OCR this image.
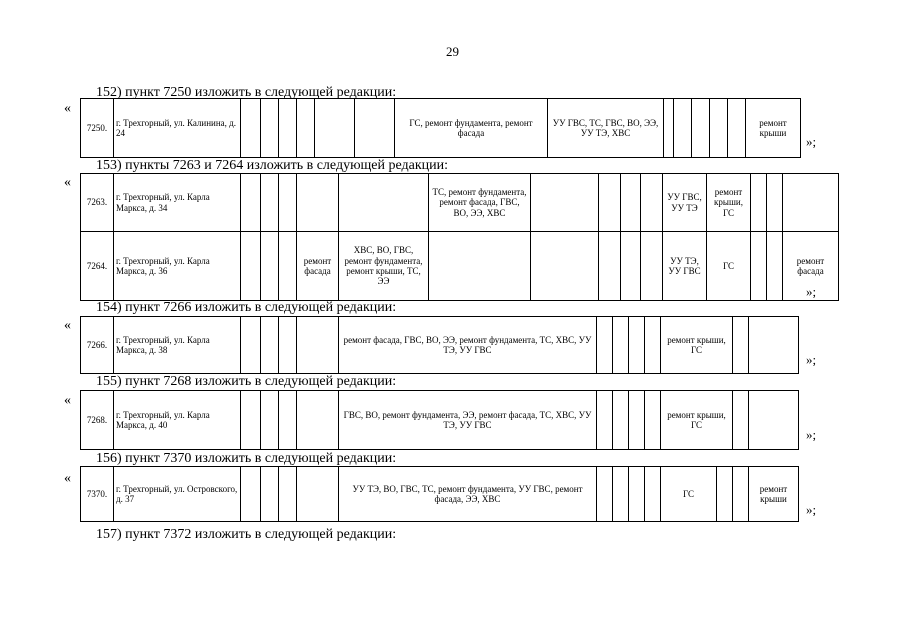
29
152) пункт 7250 изложить в следующей редакции:
«
7250.	г. Трехгорный, ул. Калинина, д. 24							ГС, ремонт фундамента, ремонт фасада	УУ ГВС, ТС, ГВС, ВО, ЭЭ, УУ ТЭ, ХВС						ремонт крыши
»;
153) пункты 7263 и 7264 изложить в следующей редакции:
«
7263.	г. Трехгорный, ул. Карла Маркса, д. 34						ТС, ремонт фундамента, ремонт фасада, ГВС, ВО, ЭЭ, ХВС					УУ ГВС, УУ ТЭ	ремонт крыши, ГС			
7264.	г. Трехгорный, ул. Карла Маркса, д. 36				ремонт фасада	ХВС, ВО, ГВС, ремонт фундамента, ремонт крыши, ТС, ЭЭ						УУ ТЭ, УУ ГВС	ГС			ремонт фасада
»;
154) пункт 7266 изложить в следующей редакции:
«
7266.	г. Трехгорный, ул. Карла Маркса, д. 38					ремонт фасада, ГВС, ВО, ЭЭ, ремонт фундамента, ТС, ХВС, УУ ТЭ, УУ ГВС					ремонт крыши, ГС		
»;
155) пункт 7268 изложить в следующей редакции:
«
7268.	г. Трехгорный, ул. Карла Маркса, д. 40					ГВС, ВО, ремонт фундамента, ЭЭ, ремонт фасада, ТС, ХВС, УУ ТЭ, УУ ГВС					ремонт крыши, ГС		
»;
156) пункт 7370 изложить в следующей редакции:
«
7370.	г. Трехгорный, ул. Островского, д. 37					УУ ТЭ, ВО, ГВС, ТС, ремонт фундамента, УУ ГВС, ремонт фасада, ЭЭ, ХВС					ГС			ремонт крыши
»;
157) пункт 7372 изложить в следующей редакции:
